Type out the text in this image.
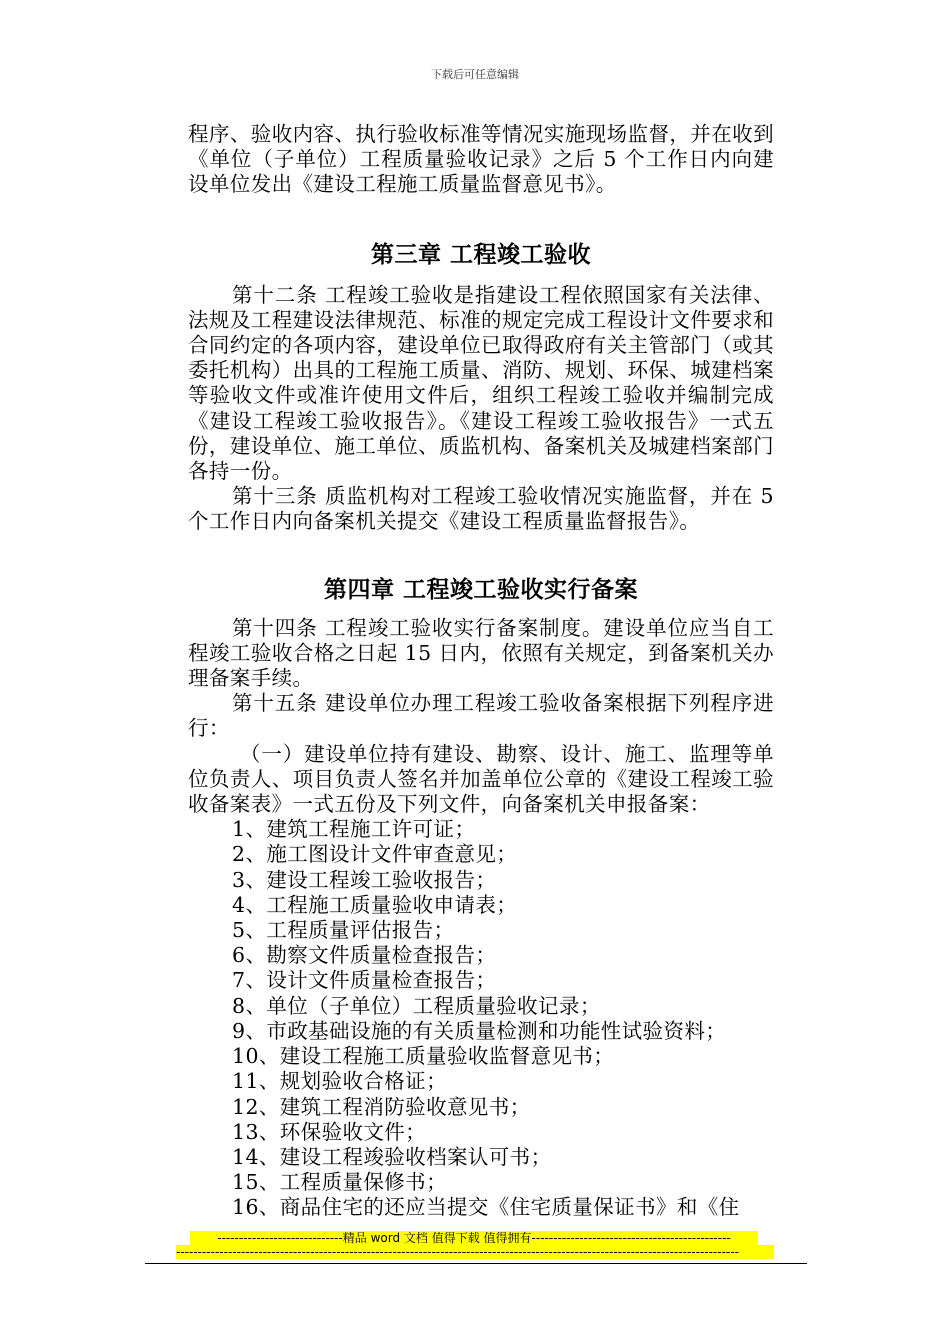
下载后可任意编辑

程序、验收内容、执行验收标准等情况实施现场监督，并在收到《单位（子单位）工程质量验收记录》之后 5 个工作日内向建设单位发出《建设工程施工质量监督意见书》。

第三章 工程竣工验收

第十二条 工程竣工验收是指建设工程依照国家有关法律、法规及工程建设法律规范、标准的规定完成工程设计文件要求和合同约定的各项内容，建设单位已取得政府有关主管部门（或其委托机构）出具的工程施工质量、消防、规划、环保、城建档案等验收文件或准许使用文件后，组织工程竣工验收并编制完成《建设工程竣工验收报告》。《建设工程竣工验收报告》一式五份，建设单位、施工单位、质监机构、备案机关及城建档案部门各持一份。

第十三条 质监机构对工程竣工验收情况实施监督，并在 5 个工作日内向备案机关提交《建设工程质量监督报告》。

第四章 工程竣工验收实行备案

第十四条 工程竣工验收实行备案制度。建设单位应当自工程竣工验收合格之日起 15 日内，依照有关规定，到备案机关办理备案手续。

第十五条 建设单位办理工程竣工验收备案根据下列程序进行：

（一）建设单位持有建设、勘察、设计、施工、监理等单位负责人、项目负责人签名并加盖单位公章的《建设工程竣工验收备案表》一式五份及下列文件，向备案机关申报备案：

1、建筑工程施工许可证；

2、施工图设计文件审查意见；

3、建设工程竣工验收报告；

4、工程施工质量验收申请表；

5、工程质量评估报告；

6、勘察文件质量检查报告；

7、设计文件质量检查报告；

8、单位（子单位）工程质量验收记录；

9、市政基础设施的有关质量检测和功能性试验资料；

10、建设工程施工质量验收监督意见书；

11、规划验收合格证；

12、建筑工程消防验收意见书；

13、环保验收文件；

14、建设工程竣验收档案认可书；

15、工程质量保修书；

16、商品住宅的还应当提交《住宅质量保证书》和《住

-----------------------------精品 word 文档 值得下载 值得拥有----------------------------------------------
----------------------------------------------------------------------------------------------------------------------------------
